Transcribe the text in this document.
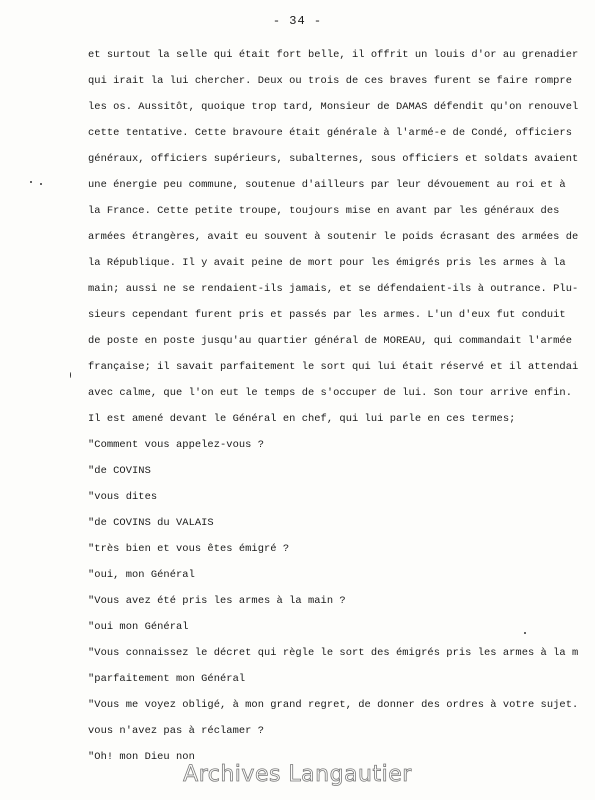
- 34 -
et surtout la selle qui était fort belle, il offrit un louis d'or au grenadier
qui irait la lui chercher. Deux ou trois de ces braves furent se faire rompre
les os. Aussitôt, quoique trop tard, Monsieur de DAMAS défendit qu'on renouvel
cette tentative. Cette bravoure était générale à l'armé-e de Condé, officiers
généraux, officiers supérieurs, subalternes, sous officiers et soldats avaient
une énergie peu commune, soutenue d'ailleurs par leur dévouement au roi et à
la France. Cette petite troupe, toujours mise en avant par les généraux des
armées étrangères, avait eu souvent à soutenir le poids écrasant des armées de
la République. Il y avait peine de mort pour les émigrés pris les armes à la
main; aussi ne se rendaient-ils jamais, et se défendaient-ils à outrance. Plu-
sieurs cependant furent pris et passés par les armes. L'un d'eux fut conduit
de poste en poste jusqu'au quartier général de MOREAU, qui commandait l'armée
française; il savait parfaitement le sort qui lui était réservé et il attendai
avec calme, que l'on eut le temps de s'occuper de lui. Son tour arrive enfin.
Il est amené devant le Général en chef, qui lui parle en ces termes;
"Comment vous appelez-vous ?
"de COVINS
"vous dites
"de COVINS du VALAIS
"très bien et vous êtes émigré ?
"oui, mon Général
"Vous avez été pris les armes à la main ?
"oui mon Général
"Vous connaissez le décret qui règle le sort des émigrés pris les armes à la m
"parfaitement mon Général
"Vous me voyez obligé, à mon grand regret, de donner des ordres à votre sujet.
vous n'avez pas à réclamer ?
"Oh! mon Dieu non
Archives Langautier
